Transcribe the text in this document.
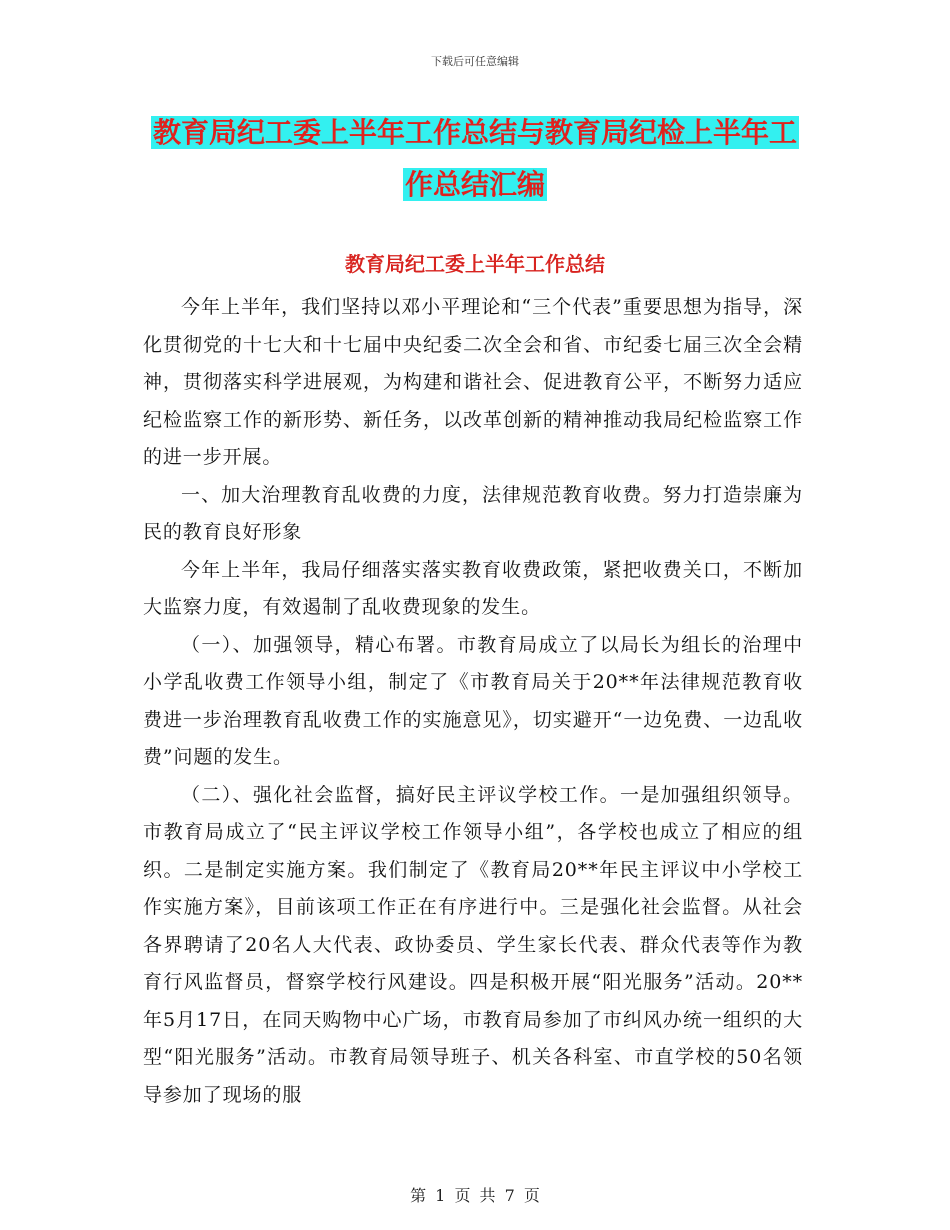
下载后可任意编辑
教育局纪工委上半年工作总结与教育局纪检上半年工
作总结汇编
教育局纪工委上半年工作总结

今年上半年，我们坚持以邓小平理论和“三个代表”重要思想为指导，深化贯彻党的十七大和十七届中央纪委二次全会和省、市纪委七届三次全会精神，贯彻落实科学进展观，为构建和谐社会、促进教育公平，不断努力适应纪检监察工作的新形势、新任务，以改革创新的精神推动我局纪检监察工作的进一步开展。

一、加大治理教育乱收费的力度，法律规范教育收费。努力打造崇廉为民的教育良好形象

今年上半年，我局仔细落实落实教育收费政策，紧把收费关口，不断加大监察力度，有效遏制了乱收费现象的发生。

（一）、加强领导，精心布署。市教育局成立了以局长为组长的治理中小学乱收费工作领导小组，制定了《市教育局关于20**年法律规范教育收费进一步治理教育乱收费工作的实施意见》，切实避开“一边免费、一边乱收费”问题的发生。

（二）、强化社会监督，搞好民主评议学校工作。一是加强组织领导。市教育局成立了“民主评议学校工作领导小组”，各学校也成立了相应的组织。二是制定实施方案。我们制定了《教育局20**年民主评议中小学校工作实施方案》，目前该项工作正在有序进行中。三是强化社会监督。从社会各界聘请了20名人大代表、政协委员、学生家长代表、群众代表等作为教育行风监督员，督察学校行风建设。四是积极开展“阳光服务”活动。20**年5月17日，在同天购物中心广场，市教育局参加了市纠风办统一组织的大型“阳光服务”活动。市教育局领导班子、机关各科室、市直学校的50名领导参加了现场的服

第 1 页 共 7 页
